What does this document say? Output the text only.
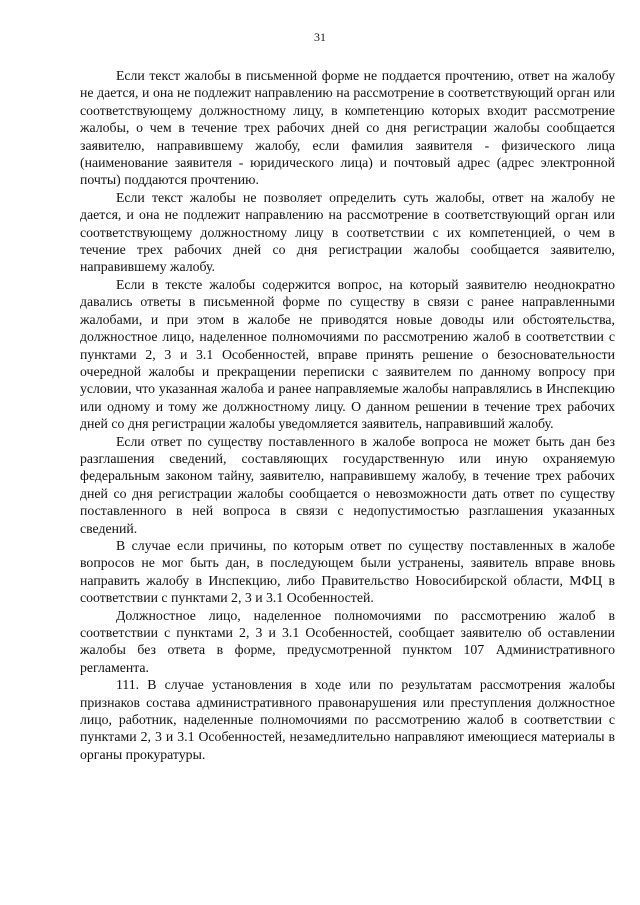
31

Если текст жалобы в письменной форме не поддается прочтению, ответ на жалобу не дается, и она не подлежит направлению на рассмотрение в соответствующий орган или соответствующему должностному лицу, в компетенцию которых входит рассмотрение жалобы, о чем в течение трех рабочих дней со дня регистрации жалобы сообщается заявителю, направившему жалобу, если фамилия заявителя - физического лица (наименование заявителя - юридического лица) и почтовый адрес (адрес электронной почты) поддаются прочтению.

Если текст жалобы не позволяет определить суть жалобы, ответ на жалобу не дается, и она не подлежит направлению на рассмотрение в соответствующий орган или соответствующему должностному лицу в соответствии с их компетенцией, о чем в течение трех рабочих дней со дня регистрации жалобы сообщается заявителю, направившему жалобу.

Если в тексте жалобы содержится вопрос, на который заявителю неоднократно давались ответы в письменной форме по существу в связи с ранее направленными жалобами, и при этом в жалобе не приводятся новые доводы или обстоятельства, должностное лицо, наделенное полномочиями по рассмотрению жалоб в соответствии с пунктами 2, 3 и 3.1 Особенностей, вправе принять решение о безосновательности очередной жалобы и прекращении переписки с заявителем по данному вопросу при условии, что указанная жалоба и ранее направляемые жалобы направлялись в Инспекцию или одному и тому же должностному лицу. О данном решении в течение трех рабочих дней со дня регистрации жалобы уведомляется заявитель, направивший жалобу.

Если ответ по существу поставленного в жалобе вопроса не может быть дан без разглашения сведений, составляющих государственную или иную охраняемую федеральным законом тайну, заявителю, направившему жалобу, в течение трех рабочих дней со дня регистрации жалобы сообщается о невозможности дать ответ по существу поставленного в ней вопроса в связи с недопустимостью разглашения указанных сведений.

В случае если причины, по которым ответ по существу поставленных в жалобе вопросов не мог быть дан, в последующем были устранены, заявитель вправе вновь направить жалобу в Инспекцию, либо Правительство Новосибирской области, МФЦ в соответствии с пунктами 2, 3 и 3.1 Особенностей.

Должностное лицо, наделенное полномочиями по рассмотрению жалоб в соответствии с пунктами 2, 3 и 3.1 Особенностей, сообщает заявителю об оставлении жалобы без ответа в форме, предусмотренной пунктом 107 Административного регламента.

111. В случае установления в ходе или по результатам рассмотрения жалобы признаков состава административного правонарушения или преступления должностное лицо, работник, наделенные полномочиями по рассмотрению жалоб в соответствии с пунктами 2, 3 и 3.1 Особенностей, незамедлительно направляют имеющиеся материалы в органы прокуратуры.
